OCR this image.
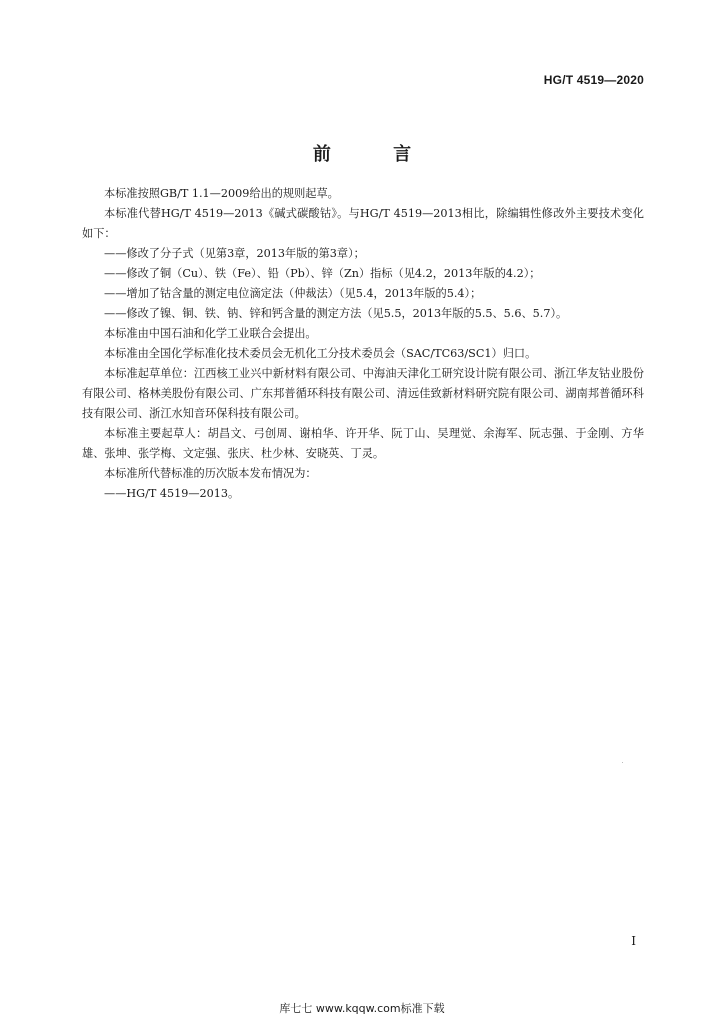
HG/T 4519—2020
前 言

本标准按照GB/T 1.1—2009给出的规则起草。

本标准代替HG/T 4519—2013《碱式碳酸钴》。与HG/T 4519—2013相比，除编辑性修改外主要技术变化如下：

——修改了分子式（见第3章，2013年版的第3章）；

——修改了铜（Cu）、铁（Fe）、铅（Pb）、锌（Zn）指标（见4.2，2013年版的4.2）；

——增加了钴含量的测定电位滴定法（仲裁法）（见5.4，2013年版的5.4）；

——修改了镍、铜、铁、钠、锌和钙含量的测定方法（见5.5，2013年版的5.5、5.6、5.7）。

本标准由中国石油和化学工业联合会提出。

本标准由全国化学标准化技术委员会无机化工分技术委员会（SAC/TC63/SC1）归口。

本标准起草单位：江西核工业兴中新材料有限公司、中海油天津化工研究设计院有限公司、浙江华友钴业股份有限公司、格林美股份有限公司、广东邦普循环科技有限公司、清远佳致新材料研究院有限公司、湖南邦普循环科技有限公司、浙江水知音环保科技有限公司。

本标准主要起草人：胡昌文、弓创周、谢柏华、许开华、阮丁山、吴理觉、余海军、阮志强、于金刚、方华雄、张坤、张学梅、文定强、张庆、杜少林、安晓英、丁灵。

本标准所代替标准的历次版本发布情况为：

——HG/T 4519—2013。

I
库七七 www.kqqw.com标准下载
